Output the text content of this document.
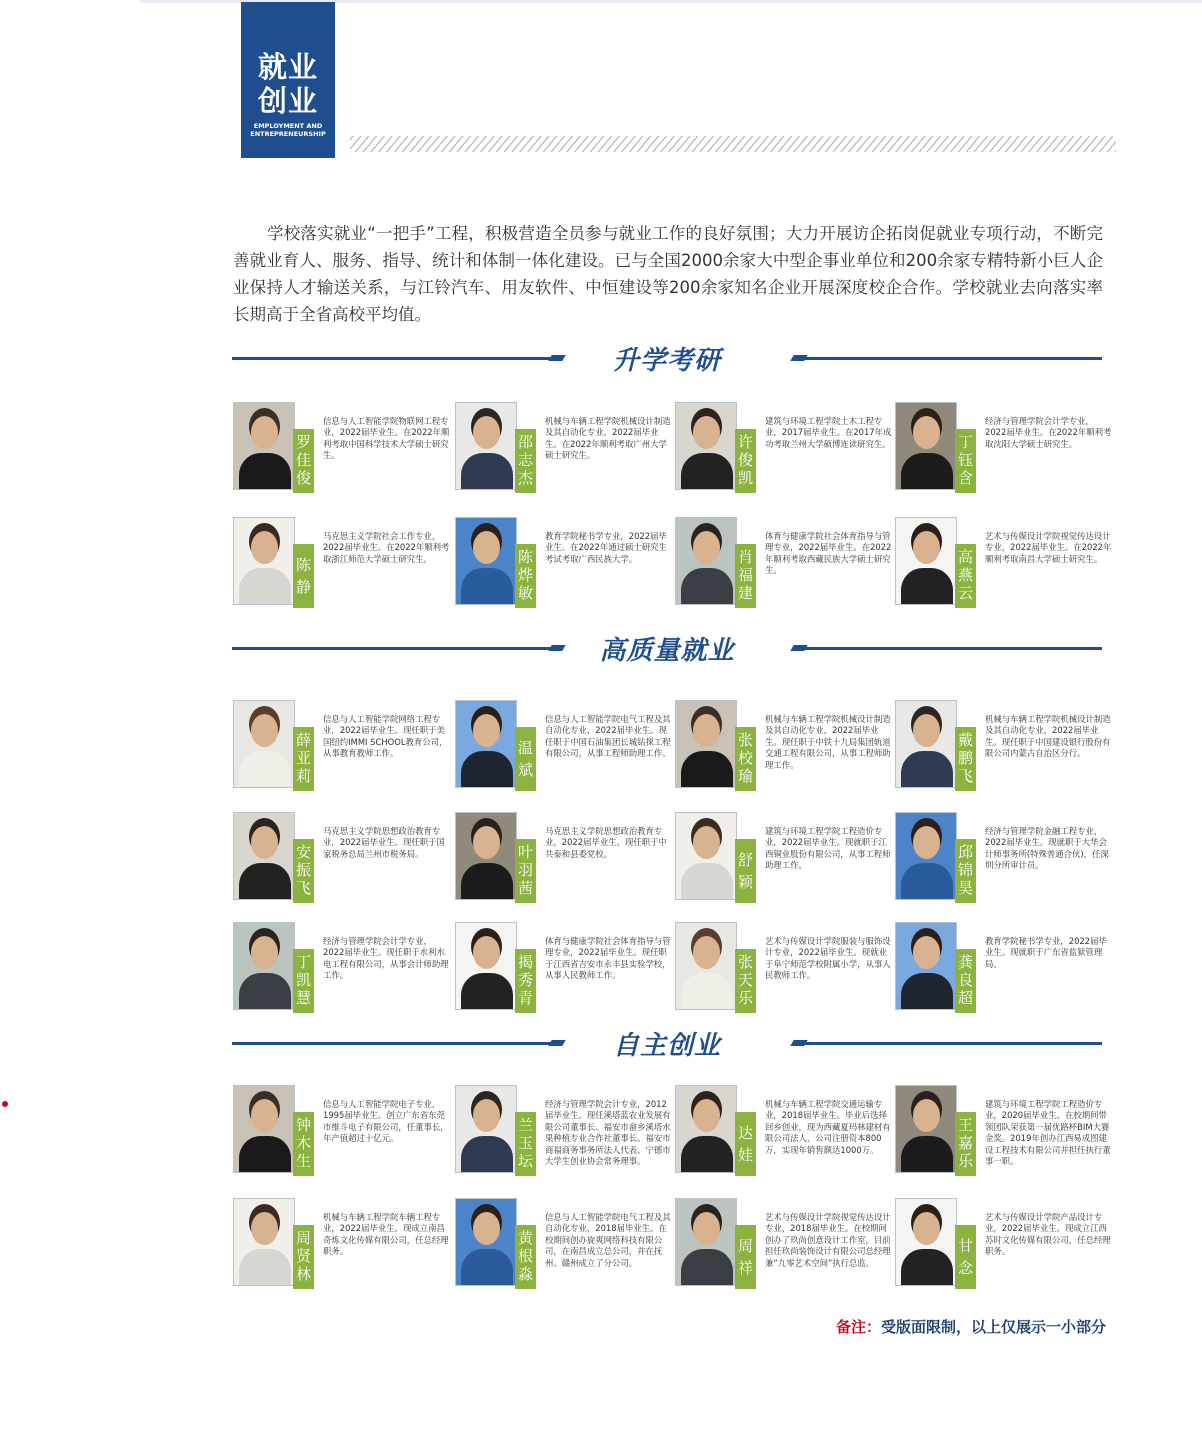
就业
创业
EMPLOYMENT AND
ENTREPRENEURSHIP

学校落实就业“一把手”工程，积极营造全员参与就业工作的良好氛围；大力开展访企拓岗促就业专项行动，不断完善就业育人、服务、指导、统计和体制一体化建设。已与全国2000余家大中型企事业单位和200余家专精特新小巨人企业保持人才输送关系，与江铃汽车、用友软件、中恒建设等200余家知名企业开展深度校企合作。学校就业去向落实率长期高于全省高校平均值。

升学考研
罗
佳
俊

信息与人工智能学院物联网工程专业，2022届毕业生。在2022年顺利考取中国科学技术大学硕士研究生。

邵
志
杰

机械与车辆工程学院机械设计制造及其自动化专业，2022届毕业生。在2022年顺利考取广州大学硕士研究生。

许
俊
凯

建筑与环境工程学院土木工程专业，2017届毕业生。在2017年成功考取兰州大学硕博连读研究生。	丁
钰
含

经济与管理学院会计学专业，2022届毕业生。在2022年顺利考取沈阳大学硕士研究生。

陈
静

马克思主义学院社会工作专业，2022届毕业生。在2022年顺利考取浙江师范大学硕士研究生。	陈
烨
敏

教育学院秘书学专业，2022届毕业生。在2022年通过硕士研究生考试考取广西民族大学。	肖
福
建

体育与健康学院社会体育指导与管理专业，2022届毕业生。在2022年顺利考取西藏民族大学硕士研究生。

高
燕
云

艺术与传媒设计学院视觉传达设计专业，2022届毕业生。在2022年顺利考取南昌大学硕士研究生。

高质量就业
薛
亚
莉

信息与人工智能学院网络工程专业，2022届毕业生。现任职于美国纽约IMMI SCHOOL教育公司，从事教育教师工作。	温
斌

信息与人工智能学院电气工程及其自动化专业，2022届毕业生。现任职于中国石油集团长城钻探工程有限公司，从事工程师助理工作。

张
校
瑜

机械与车辆工程学院机械设计制造及其自动化专业，2022届毕业生。现任职于中铁十九局集团轨道交通工程有限公司，从事工程师助理工作。

戴
鹏
飞

机械与车辆工程学院机械设计制造及其自动化专业，2022届毕业生。现任职于中国建设银行股份有限公司内蒙古自治区分行。

安
振
飞

马克思主义学院思想政治教育专业，2022届毕业生。现任职于国家税务总局兰州市税务局。	叶
羽
茜

马克思主义学院思想政治教育专业，2022届毕业生。现任职于中共泰和县委党校。	舒
颖

建筑与环境工程学院工程造价专业，2022届毕业生。现就职于江西铜业股份有限公司，从事工程师助理工作。

邱
锦
昊

经济与管理学院金融工程专业，2022届毕业生。现就职于大华会计师事务所(特殊普通合伙)，任深圳分所审计员。

丁
凯
慧

经济与管理学院会计学专业，2022届毕业生。现任职于水利水电工程有限公司，从事会计师助理工作。

揭
秀
青

体育与健康学院社会体育指导与管理专业，2022届毕业生。现任职于江西省吉安市永丰县实验学校，从事人民教师工作。

张
天
乐

艺术与传媒设计学院服装与服饰设计专业，2022届毕业生。现就业于阜宁师范学校附属小学，从事人民教师工作。

龚
良
超

教育学院秘书学专业，2022届毕业生。现就职于广东省监狱管理局。

自主创业
钟
木
生

信息与人工智能学院电子专业，1995届毕业生。创立广东省东莞市维斗电子有限公司，任董事长，年产值超过十亿元。

兰
玉
坛

经济与管理学院会计专业，2012届毕业生。现任溪塔蓝农业发展有限公司董事长、福安市畲乡溪塔水果种植专业合作社董事长、福安市商福商务事务所法人代表、宁德市大学生创业协会常务理事。

达
娃

机械与车辆工程学院交通运输专业，2018届毕业生。毕业后选择回乡创业，现为西藏夏玛林建材有限公司法人，公司注册资本800万，实现年销售额达1000万。

王
嘉
乐

建筑与环境工程学院工程造价专业，2020届毕业生。在校期间带领团队荣获第一届优路杯BIM大赛金奖。2019年创办江西易成图建设工程技术有限公司并担任执行董事一职。

周
贤
林

机械与车辆工程学院车辆工程专业，2022届毕业生。现成立南昌奇炼文化传媒有限公司，任总经理职务。

黄
根
淼

信息与人工智能学院电气工程及其自动化专业，2018届毕业生。在校期间创办旋爽网络科技有限公司，在南昌成立总公司，并在抚州、赣州成立了分公司。

周
祥

艺术与传媒设计学院视觉传达设计专业，2018届毕业生。在校期间创办了玖尚创意设计工作室，目前担任玖尚装饰设计有限公司总经理兼“九零艺术空间”执行总监。

甘
念

艺术与传媒设计学院产品设计专业，2022届毕业生。现成立江西苏时文化传媒有限公司，任总经理职务。

备注：受版面限制，以上仅展示一小部分
